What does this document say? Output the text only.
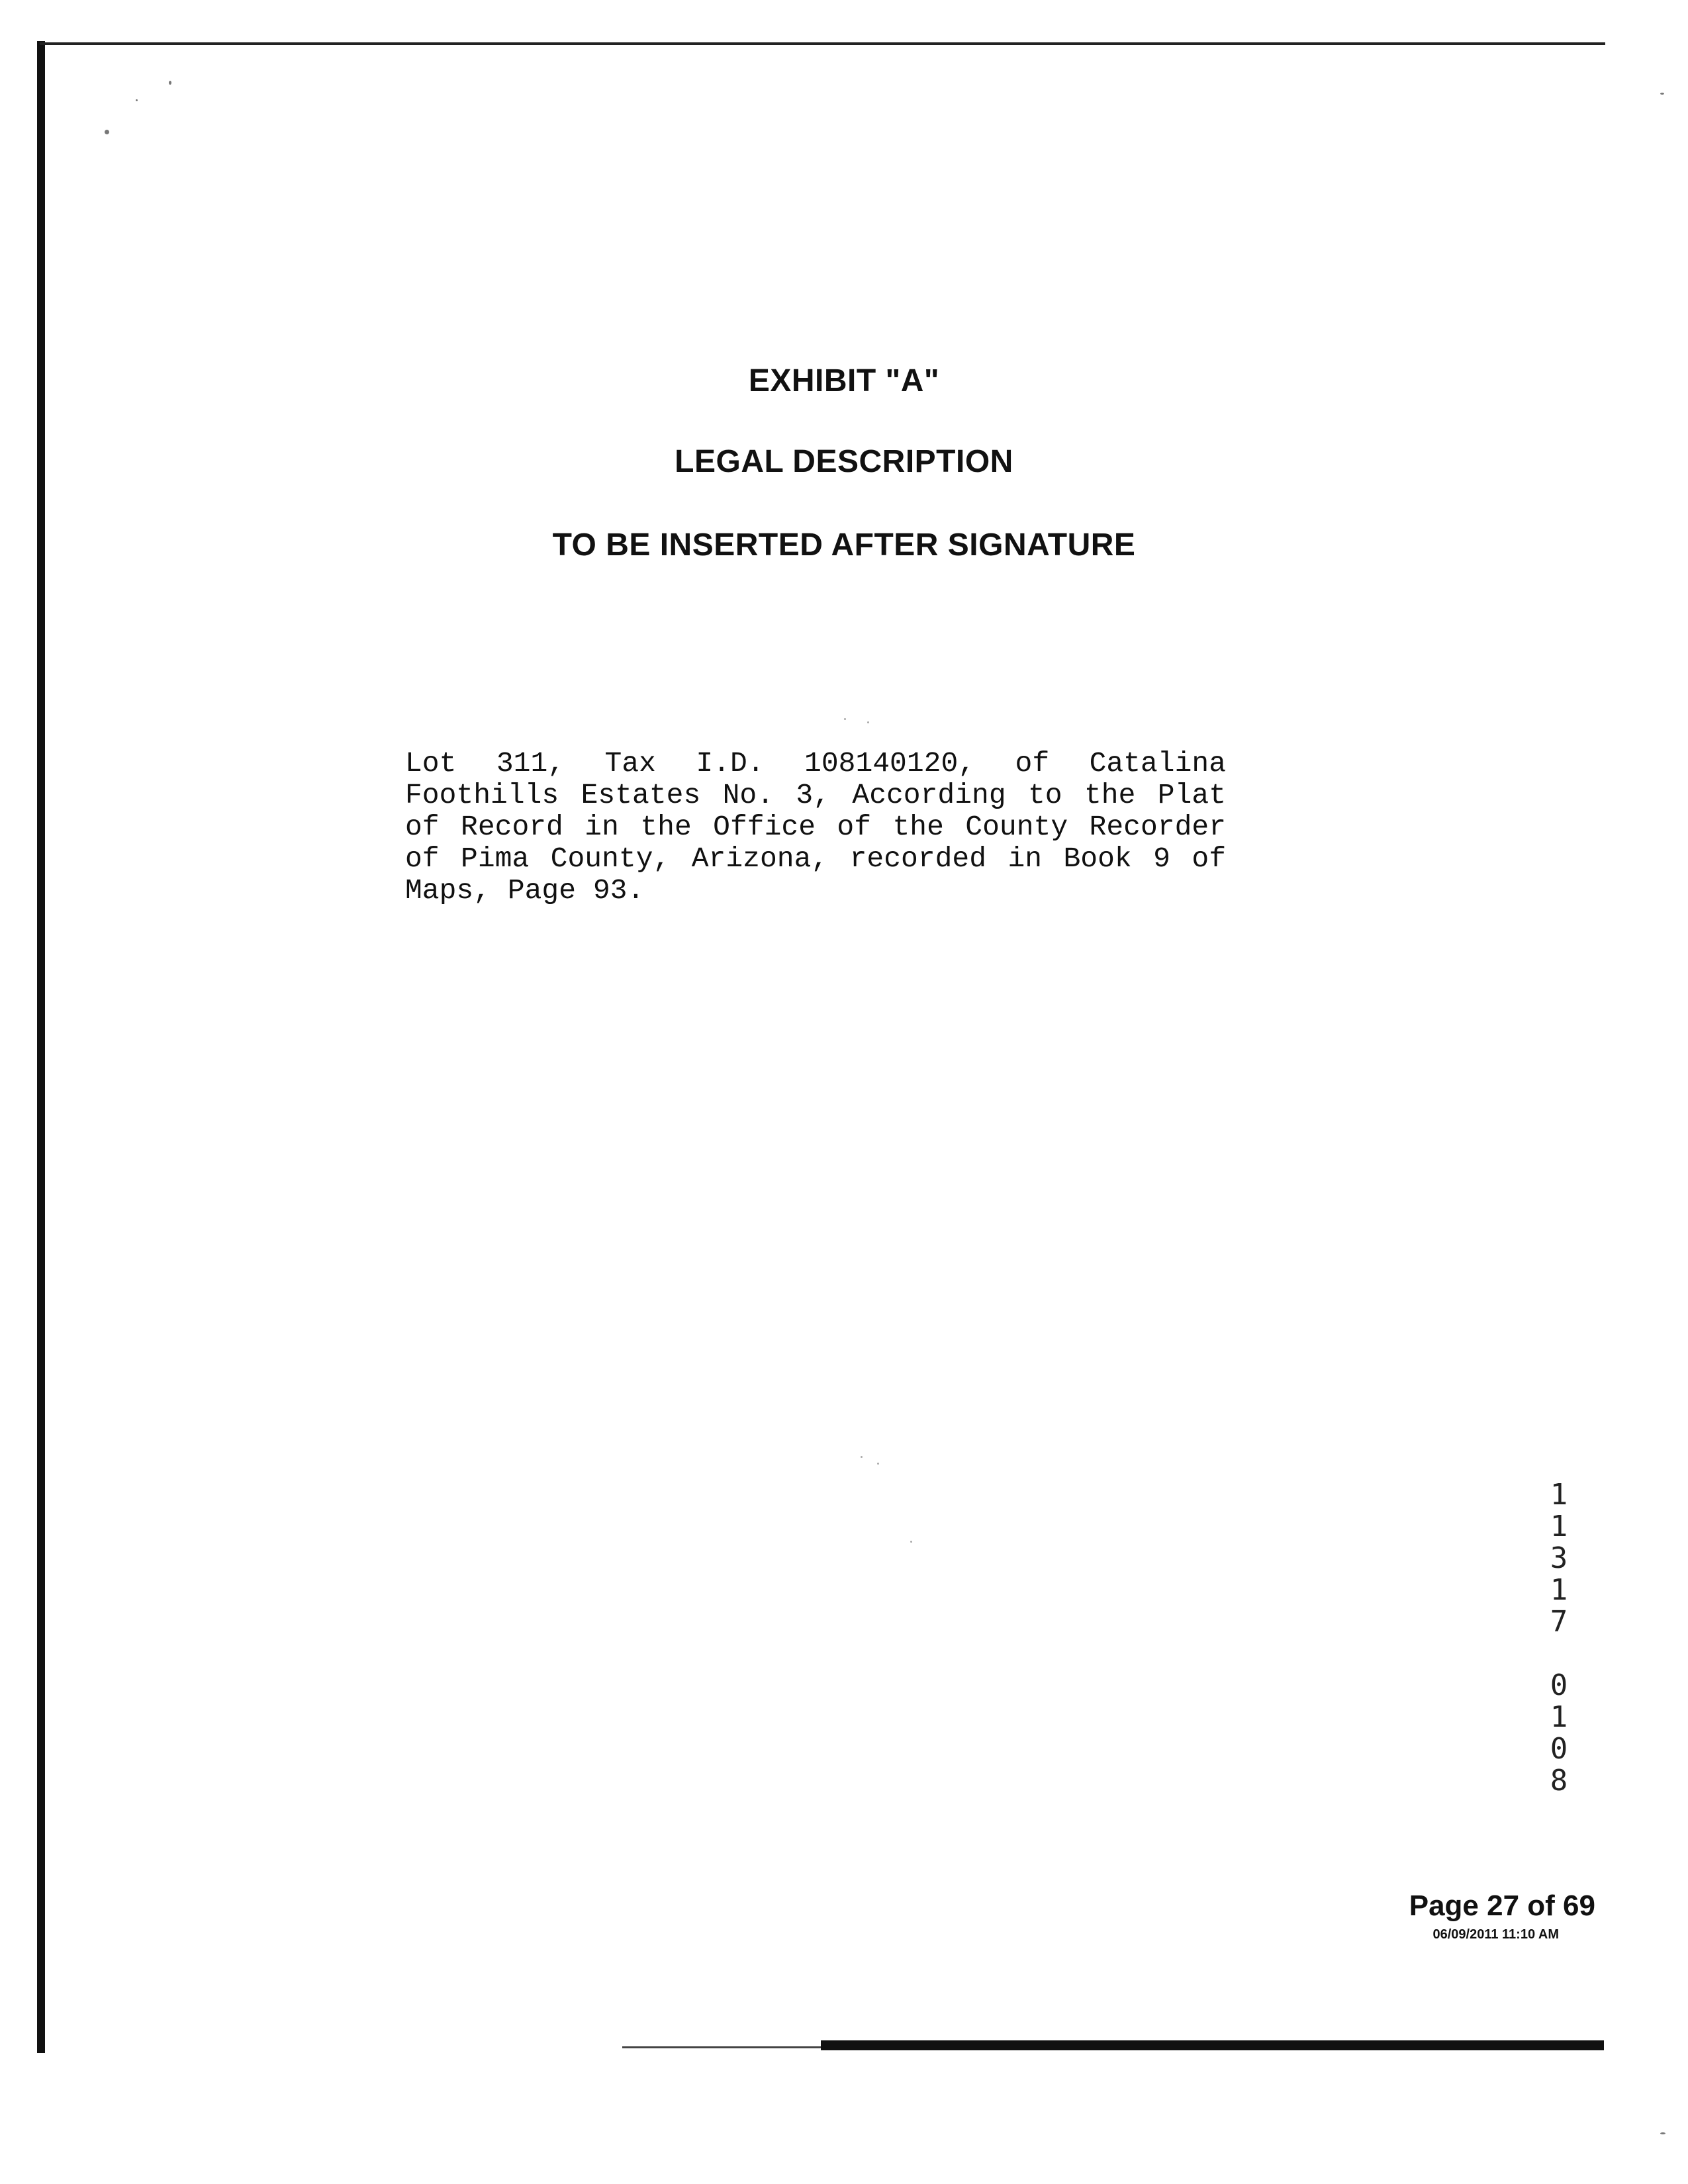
EXHIBIT "A"
LEGAL DESCRIPTION
TO BE INSERTED AFTER SIGNATURE
Lot 311, Tax I.D. 108140120, of Catalina
Foothills Estates No. 3, According to the Plat
of Record in the Office of the County Recorder
of Pima County, Arizona, recorded in Book 9 of
Maps, Page 93.
1
1
3
1
7
0
1
0
8
Page 27 of 69
06/09/2011 11:10 AM
